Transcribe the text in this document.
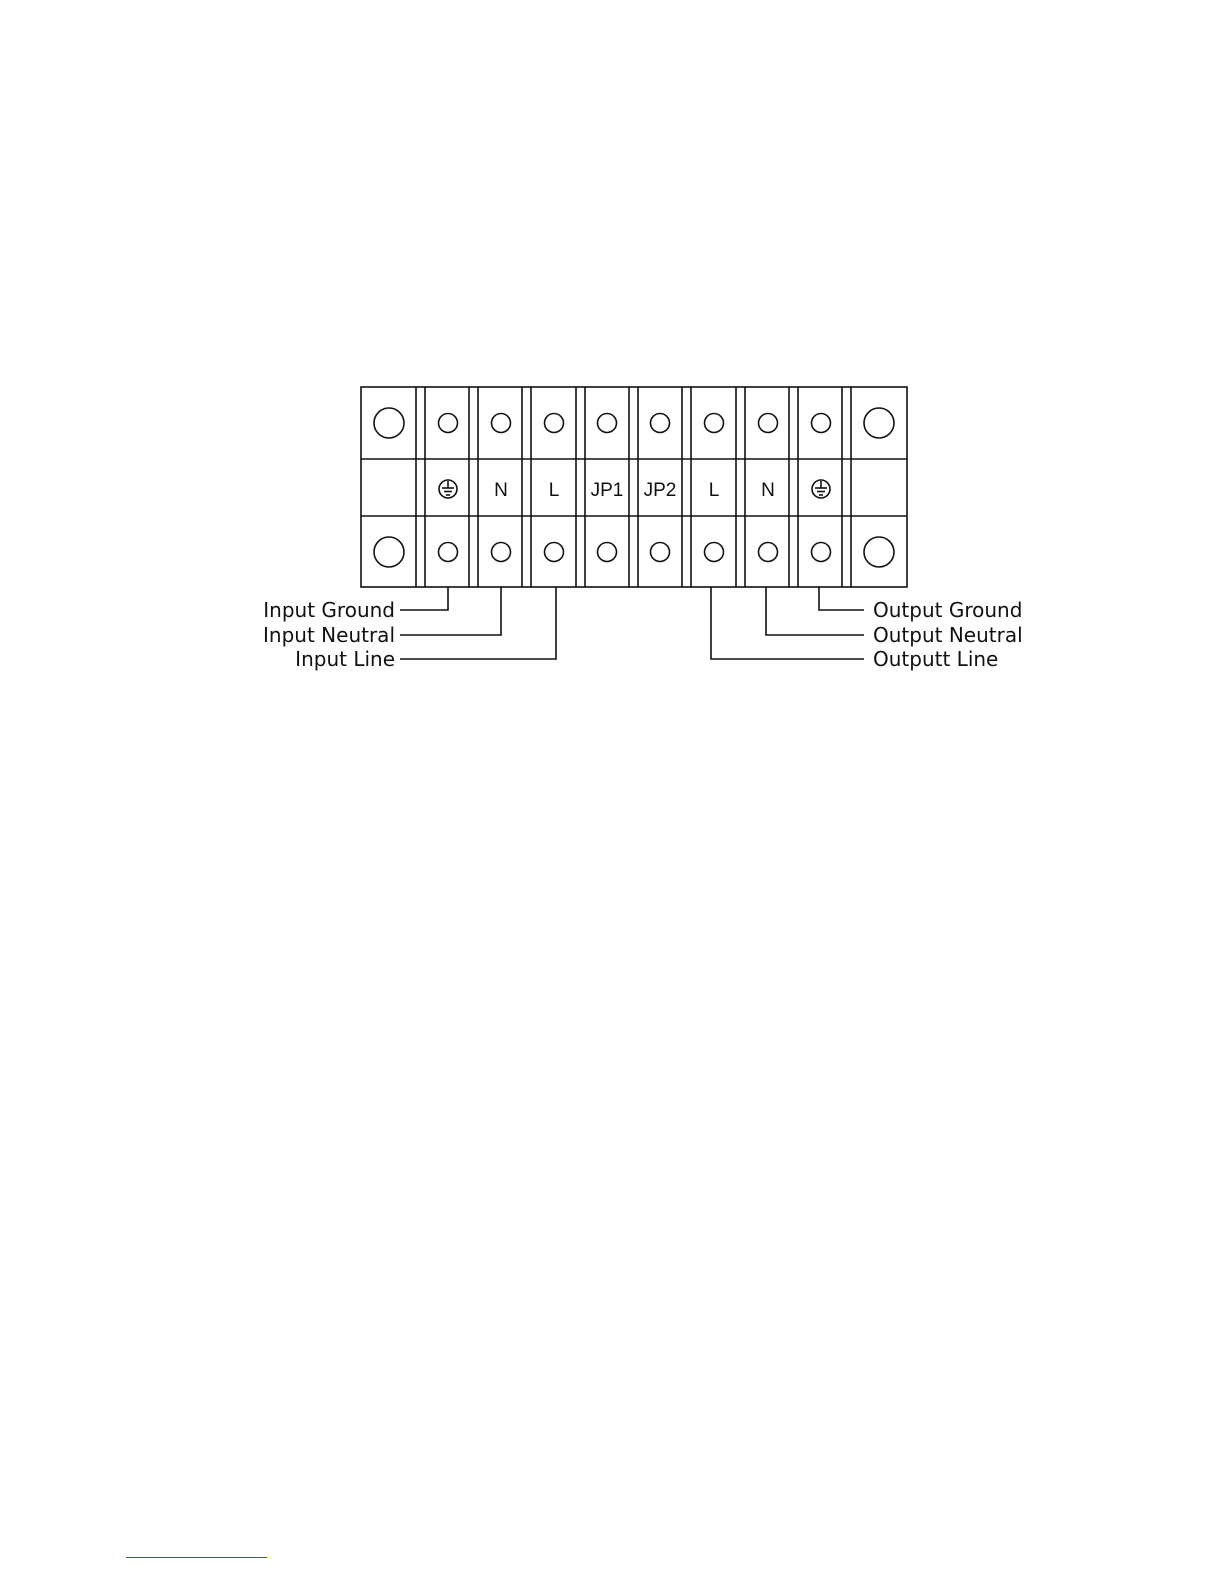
N L JP1 JP2 L N
Input Ground
Input Neutral
Input Line
Output Ground
Output Neutral
Outputt Line
